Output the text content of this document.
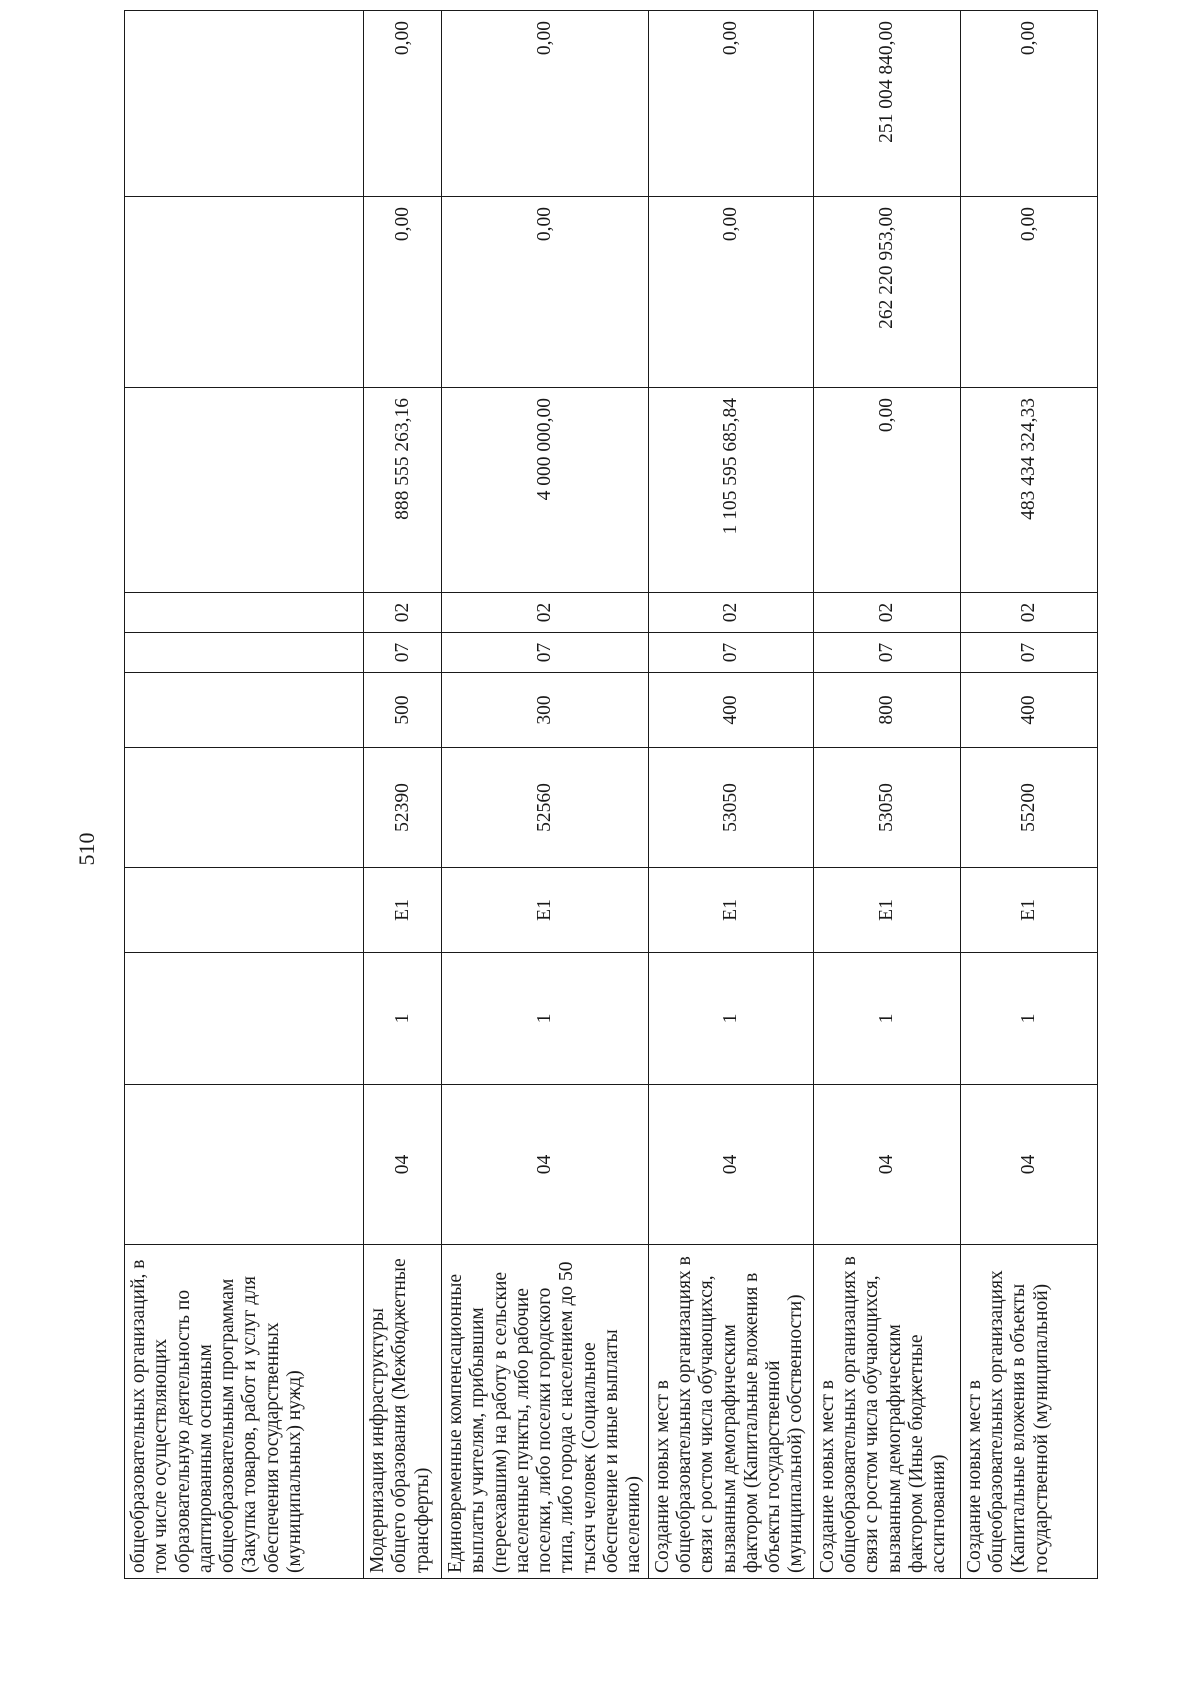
510
общеобразовательных организаций, в том числе осуществляющих образовательную деятельность по адаптированным основным общеобразовательным программам (Закупка товаров, работ и услуг для обеспечения государственных (муниципальных) нужд)										
Модернизация инфраструктуры общего образования (Межбюджетные трансферты)	04	1	E1	52390	500	07	02	888 555 263,16	0,00	0,00
Единовременные компенсационные выплаты учителям, прибывшим (переехавшим) на работу в сельские населенные пункты, либо рабочие поселки, либо поселки городского типа, либо города с населением до 50 тысяч человек (Социальное обеспечение и иные выплаты населению)	04	1	E1	52560	300	07	02	4 000 000,00	0,00	0,00
Создание новых мест в общеобразовательных организациях в связи с ростом числа обучающихся, вызванным демографическим фактором (Капитальные вложения в объекты государственной (муниципальной) собственности)	04	1	E1	53050	400	07	02	1 105 595 685,84	0,00	0,00
Создание новых мест в общеобразовательных организациях в связи с ростом числа обучающихся, вызванным демографическим фактором (Иные бюджетные ассигнования)	04	1	E1	53050	800	07	02	0,00	262 220 953,00	251 004 840,00
Создание новых мест в общеобразовательных организациях (Капитальные вложения в объекты государственной (муниципальной)	04	1	E1	55200	400	07	02	483 434 324,33	0,00	0,00
